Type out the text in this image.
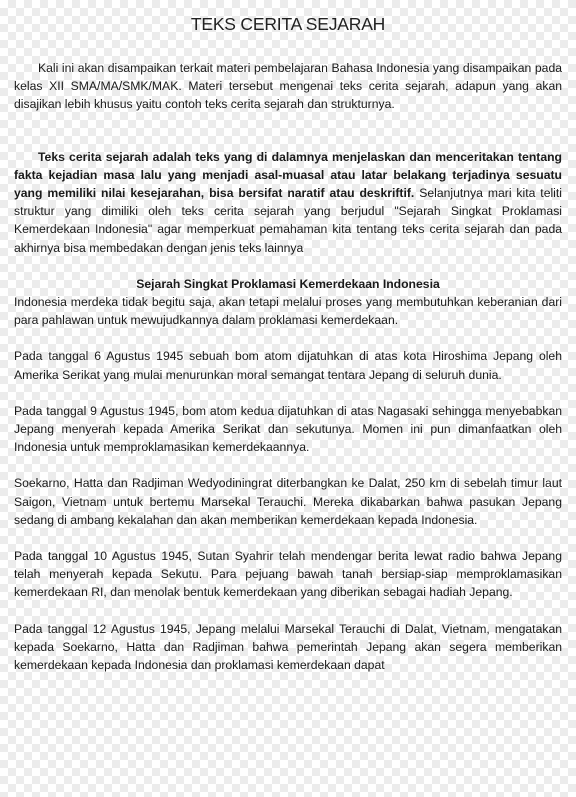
TEKS CERITA SEJARAH

Kali ini akan disampaikan terkait materi pembelajaran Bahasa Indonesia yang disampaikan pada kelas XII SMA/MA/SMK/MAK. Materi tersebut mengenai teks cerita sejarah, adapun yang akan disajikan lebih khusus yaitu contoh teks cerita sejarah dan strukturnya.

Teks cerita sejarah adalah teks yang di dalamnya menjelaskan dan menceritakan tentang fakta kejadian masa lalu yang menjadi asal-muasal atau latar belakang terjadinya sesuatu yang memiliki nilai kesejarahan, bisa bersifat naratif atau deskriftif. Selanjutnya mari kita teliti struktur yang dimiliki oleh teks cerita sejarah yang berjudul "Sejarah Singkat Proklamasi Kemerdekaan Indonesia" agar memperkuat pemahaman kita tentang teks cerita sejarah dan pada akhirnya bisa membedakan dengan jenis teks lainnya

Sejarah Singkat Proklamasi Kemerdekaan Indonesia

Indonesia merdeka tidak begitu saja, akan tetapi melalui proses yang membutuhkan keberanian dari para pahlawan untuk mewujudkannya dalam proklamasi kemerdekaan.

Pada tanggal 6 Agustus 1945 sebuah bom atom dijatuhkan di atas kota Hiroshima Jepang oleh Amerika Serikat yang mulai menurunkan moral semangat tentara Jepang di seluruh dunia.

Pada tanggal 9 Agustus 1945, bom atom kedua dijatuhkan di atas Nagasaki sehingga menyebabkan Jepang menyerah kepada Amerika Serikat dan sekutunya. Momen ini pun dimanfaatkan oleh Indonesia untuk memproklamasikan kemerdekaannya.

Soekarno, Hatta dan Radjiman Wedyodiningrat diterbangkan ke Dalat, 250 km di sebelah timur laut Saigon, Vietnam untuk bertemu Marsekal Terauchi. Mereka dikabarkan bahwa pasukan Jepang sedang di ambang kekalahan dan akan memberikan kemerdekaan kepada Indonesia.

Pada tanggal 10 Agustus 1945, Sutan Syahrir telah mendengar berita lewat radio bahwa Jepang telah menyerah kepada Sekutu. Para pejuang bawah tanah bersiap-siap memproklamasikan kemerdekaan RI, dan menolak bentuk kemerdekaan yang diberikan sebagai hadiah Jepang.

Pada tanggal 12 Agustus 1945, Jepang melalui Marsekal Terauchi di Dalat, Vietnam, mengatakan kepada Soekarno, Hatta dan Radjiman bahwa pemerintah Jepang akan segera memberikan kemerdekaan kepada Indonesia dan proklamasi kemerdekaan dapat
